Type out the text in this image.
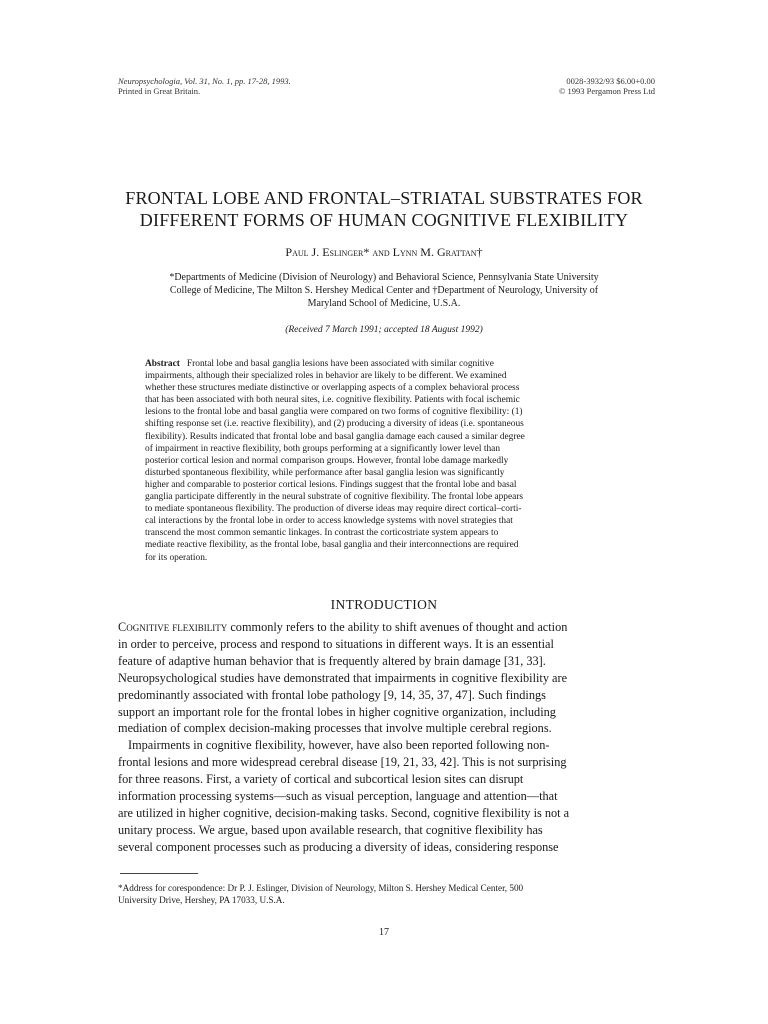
Neuropsychologia, Vol. 31, No. 1, pp. 17-28, 1993.
Printed in Great Britain.
0028-3932/93 $6.00+0.00
© 1993 Pergamon Press Ltd
FRONTAL LOBE AND FRONTAL–STRIATAL SUBSTRATES FOR
DIFFERENT FORMS OF HUMAN COGNITIVE FLEXIBILITY
Paul J. Eslinger* and Lynn M. Grattan†
*Departments of Medicine (Division of Neurology) and Behavioral Science, Pennsylvania State University
College of Medicine, The Milton S. Hershey Medical Center and †Department of Neurology, University of
Maryland School of Medicine, U.S.A.
(Received 7 March 1991; accepted 18 August 1992)
Abstract Frontal lobe and basal ganglia lesions have been associated with similar cognitive
impairments, although their specialized roles in behavior are likely to be different. We examined
whether these structures mediate distinctive or overlapping aspects of a complex behavioral process
that has been associated with both neural sites, i.e. cognitive flexibility. Patients with focal ischemic
lesions to the frontal lobe and basal ganglia were compared on two forms of cognitive flexibility: (1)
shifting response set (i.e. reactive flexibility), and (2) producing a diversity of ideas (i.e. spontaneous
flexibility). Results indicated that frontal lobe and basal ganglia damage each caused a similar degree
of impairment in reactive flexibility, both groups performing at a significantly lower level than
posterior cortical lesion and normal comparison groups. However, frontal lobe damage markedly
disturbed spontaneous flexibility, while performance after basal ganglia lesion was significantly
higher and comparable to posterior cortical lesions. Findings suggest that the frontal lobe and basal
ganglia participate differently in the neural substrate of cognitive flexibility. The frontal lobe appears
to mediate spontaneous flexibility. The production of diverse ideas may require direct cortical–corti-
cal interactions by the frontal lobe in order to access knowledge systems with novel strategies that
transcend the most common semantic linkages. In contrast the corticostriate system appears to
mediate reactive flexibility, as the frontal lobe, basal ganglia and their interconnections are required
for its operation.
INTRODUCTION
Cognitive flexibility commonly refers to the ability to shift avenues of thought and action
in order to perceive, process and respond to situations in different ways. It is an essential
feature of adaptive human behavior that is frequently altered by brain damage [31, 33].
Neuropsychological studies have demonstrated that impairments in cognitive flexibility are
predominantly associated with frontal lobe pathology [9, 14, 35, 37, 47]. Such findings
support an important role for the frontal lobes in higher cognitive organization, including
mediation of complex decision-making processes that involve multiple cerebral regions.
Impairments in cognitive flexibility, however, have also been reported following non-
frontal lesions and more widespread cerebral disease [19, 21, 33, 42]. This is not surprising
for three reasons. First, a variety of cortical and subcortical lesion sites can disrupt
information processing systems—such as visual perception, language and attention—that
are utilized in higher cognitive, decision-making tasks. Second, cognitive flexibility is not a
unitary process. We argue, based upon available research, that cognitive flexibility has
several component processes such as producing a diversity of ideas, considering response
*Address for corespondence: Dr P. J. Eslinger, Division of Neurology, Milton S. Hershey Medical Center, 500
University Drive, Hershey, PA 17033, U.S.A.
17
